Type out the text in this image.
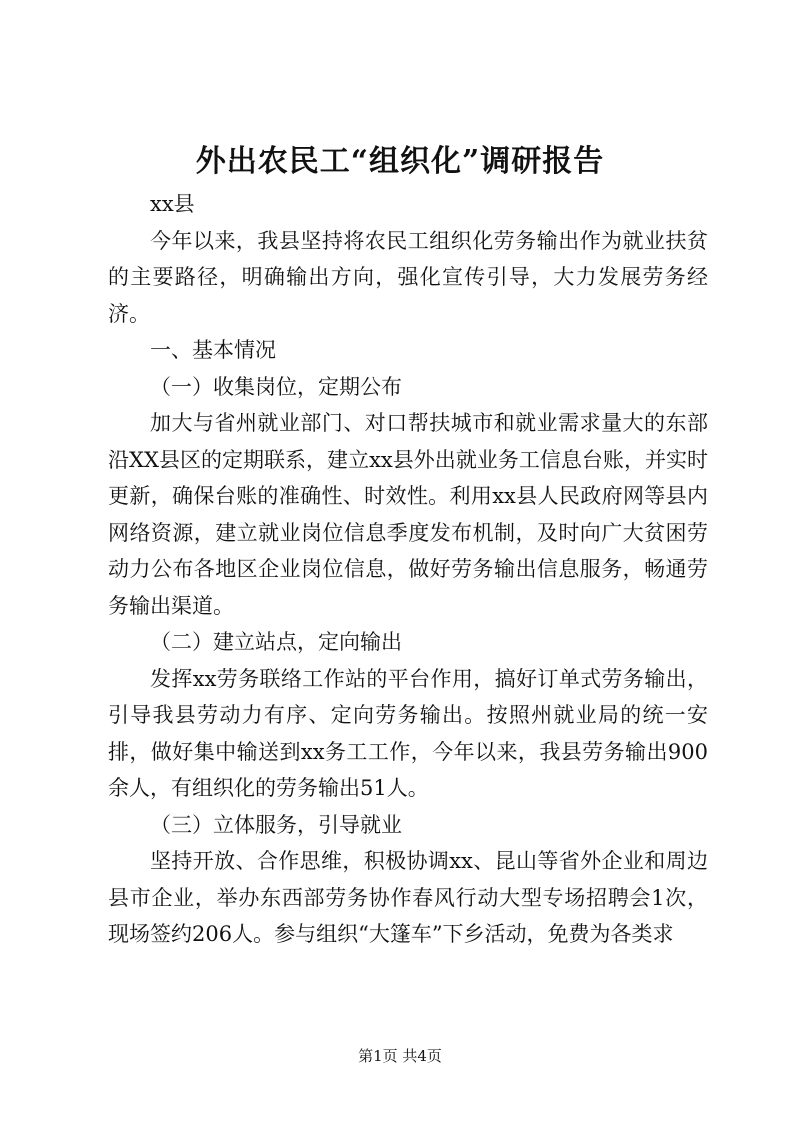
外出农民工“组织化”调研报告

xx县

今年以来，我县坚持将农民工组织化劳务输出作为就业扶贫的主要路径，明确输出方向，强化宣传引导，大力发展劳务经济。

一、基本情况

（一）收集岗位，定期公布

加大与省州就业部门、对口帮扶城市和就业需求量大的东部沿XX县区的定期联系，建立xx县外出就业务工信息台账，并实时更新，确保台账的准确性、时效性。利用xx县人民政府网等县内网络资源，建立就业岗位信息季度发布机制，及时向广大贫困劳动力公布各地区企业岗位信息，做好劳务输出信息服务，畅通劳务输出渠道。

（二）建立站点，定向输出

发挥xx劳务联络工作站的平台作用，搞好订单式劳务输出，引导我县劳动力有序、定向劳务输出。按照州就业局的统一安排，做好集中输送到xx务工工作，今年以来，我县劳务输出900余人，有组织化的劳务输出51人。

（三）立体服务，引导就业

坚持开放、合作思维，积极协调xx、昆山等省外企业和周边县市企业，举办东西部劳务协作春风行动大型专场招聘会1次，现场签约206人。参与组织“大篷车”下乡活动，免费为各类求

第1页 共4页
